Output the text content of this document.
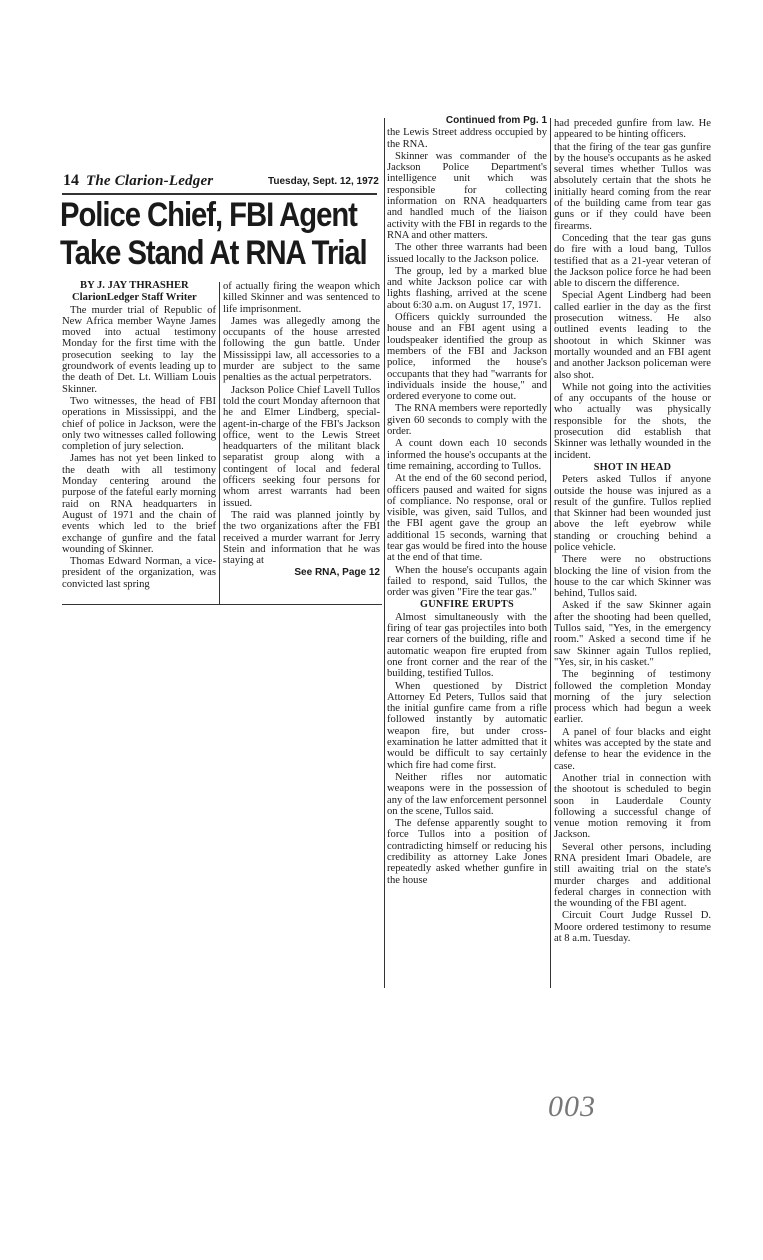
14 The Clarion-Ledger	Tuesday, Sept. 12, 1972
Police Chief, FBI Agent
Take Stand At RNA Trial

BY J. JAY THRASHER

ClarionLedger Staff Writer

The murder trial of Republic of New Africa member Wayne James moved into actual testimony Monday for the first time with the prosecution seeking to lay the groundwork of events leading up to the death of Det. Lt. William Louis Skinner.

Two witnesses, the head of FBI operations in Mississippi, and the chief of police in Jackson, were the only two witnesses called following completion of jury selection.

James has not yet been linked to the death with all testimony Monday centering around the purpose of the fateful early morning raid on RNA headquarters in August of 1971 and the chain of events which led to the brief exchange of gunfire and the fatal wounding of Skinner.

Thomas Edward Norman, a vice-president of the organization, was convicted last spring

of actually firing the weapon which killed Skinner and was sentenced to life imprisonment.

James was allegedly among the occupants of the house arrested following the gun battle. Under Mississippi law, all accessories to a murder are subject to the same penalties as the actual perpetrators.

Jackson Police Chief Lavell Tullos told the court Monday afternoon that he and Elmer Lindberg, special-agent-in-charge of the FBI's Jackson office, went to the Lewis Street headquarters of the militant black separatist group along with a contingent of local and federal officers seeking four persons for whom arrest warrants had been issued.

The raid was planned jointly by the two organizations after the FBI received a murder warrant for Jerry Stein and information that he was staying at

See RNA, Page 12

Continued from Pg. 1

the Lewis Street address occupied by the RNA.

Skinner was commander of the Jackson Police Department's intelligence unit which was responsible for collecting information on RNA headquarters and handled much of the liaison activity with the FBI in regards to the RNA and other matters.

The other three warrants had been issued locally to the Jackson police.

The group, led by a marked blue and white Jackson police car with lights flashing, arrived at the scene about 6:30 a.m. on August 17, 1971.

Officers quickly surrounded the house and an FBI agent using a loudspeaker identified the group as members of the FBI and Jackson police, informed the house's occupants that they had "warrants for individuals inside the house," and ordered everyone to come out.

The RNA members were reportedly given 60 seconds to comply with the order.

A count down each 10 seconds informed the house's occupants at the time remaining, according to Tullos.

At the end of the 60 second period, officers paused and waited for signs of compliance. No response, oral or visible, was given, said Tullos, and the FBI agent gave the group an additional 15 seconds, warning that tear gas would be fired into the house at the end of that time.

When the house's occupants again failed to respond, said Tullos, the order was given "Fire the tear gas."

GUNFIRE ERUPTS

Almost simultaneously with the firing of tear gas projectiles into both rear corners of the building, rifle and automatic weapon fire erupted from one front corner and the rear of the building, testified Tullos.

When questioned by District Attorney Ed Peters, Tullos said that the initial gunfire came from a rifle followed instantly by automatic weapon fire, but under cross-examination he latter admitted that it would be difficult to say certainly which fire had come first.

Neither rifles nor automatic weapons were in the possession of any of the law enforcement personnel on the scene, Tullos said.

The defense apparently sought to force Tullos into a position of contradicting himself or reducing his credibility as attorney Lake Jones repeatedly asked whether gunfire in the house

had preceded gunfire from law. He appeared to be hinting officers.

that the firing of the tear gas gunfire by the house's occupants as he asked several times whether Tullos was absolutely certain that the shots he initially heard coming from the rear of the building came from tear gas guns or if they could have been firearms.

Conceding that the tear gas guns do fire with a loud bang, Tullos testified that as a 21-year veteran of the Jackson police force he had been able to discern the difference.

Special Agent Lindberg had been called earlier in the day as the first prosecution witness. He also outlined events leading to the shootout in which Skinner was mortally wounded and an FBI agent and another Jackson policeman were also shot.

While not going into the activities of any occupants of the house or who actually was physically responsible for the shots, the prosecution did establish that Skinner was lethally wounded in the incident.

SHOT IN HEAD

Peters asked Tullos if anyone outside the house was injured as a result of the gunfire. Tullos replied that Skinner had been wounded just above the left eyebrow while standing or crouching behind a police vehicle.

There were no obstructions blocking the line of vision from the house to the car which Skinner was behind, Tullos said.

Asked if the saw Skinner again after the shooting had been quelled, Tullos said, "Yes, in the emergency room." Asked a second time if he saw Skinner again Tullos replied, "Yes, sir, in his casket."

The beginning of testimony followed the completion Monday morning of the jury selection process which had begun a week earlier.

A panel of four blacks and eight whites was accepted by the state and defense to hear the evidence in the case.

Another trial in connection with the shootout is scheduled to begin soon in Lauderdale County following a successful change of venue motion removing it from Jackson.

Several other persons, including RNA president Imari Obadele, are still awaiting trial on the state's murder charges and additional federal charges in connection with the wounding of the FBI agent.

Circuit Court Judge Russel D. Moore ordered testimony to resume at 8 a.m. Tuesday.

003
